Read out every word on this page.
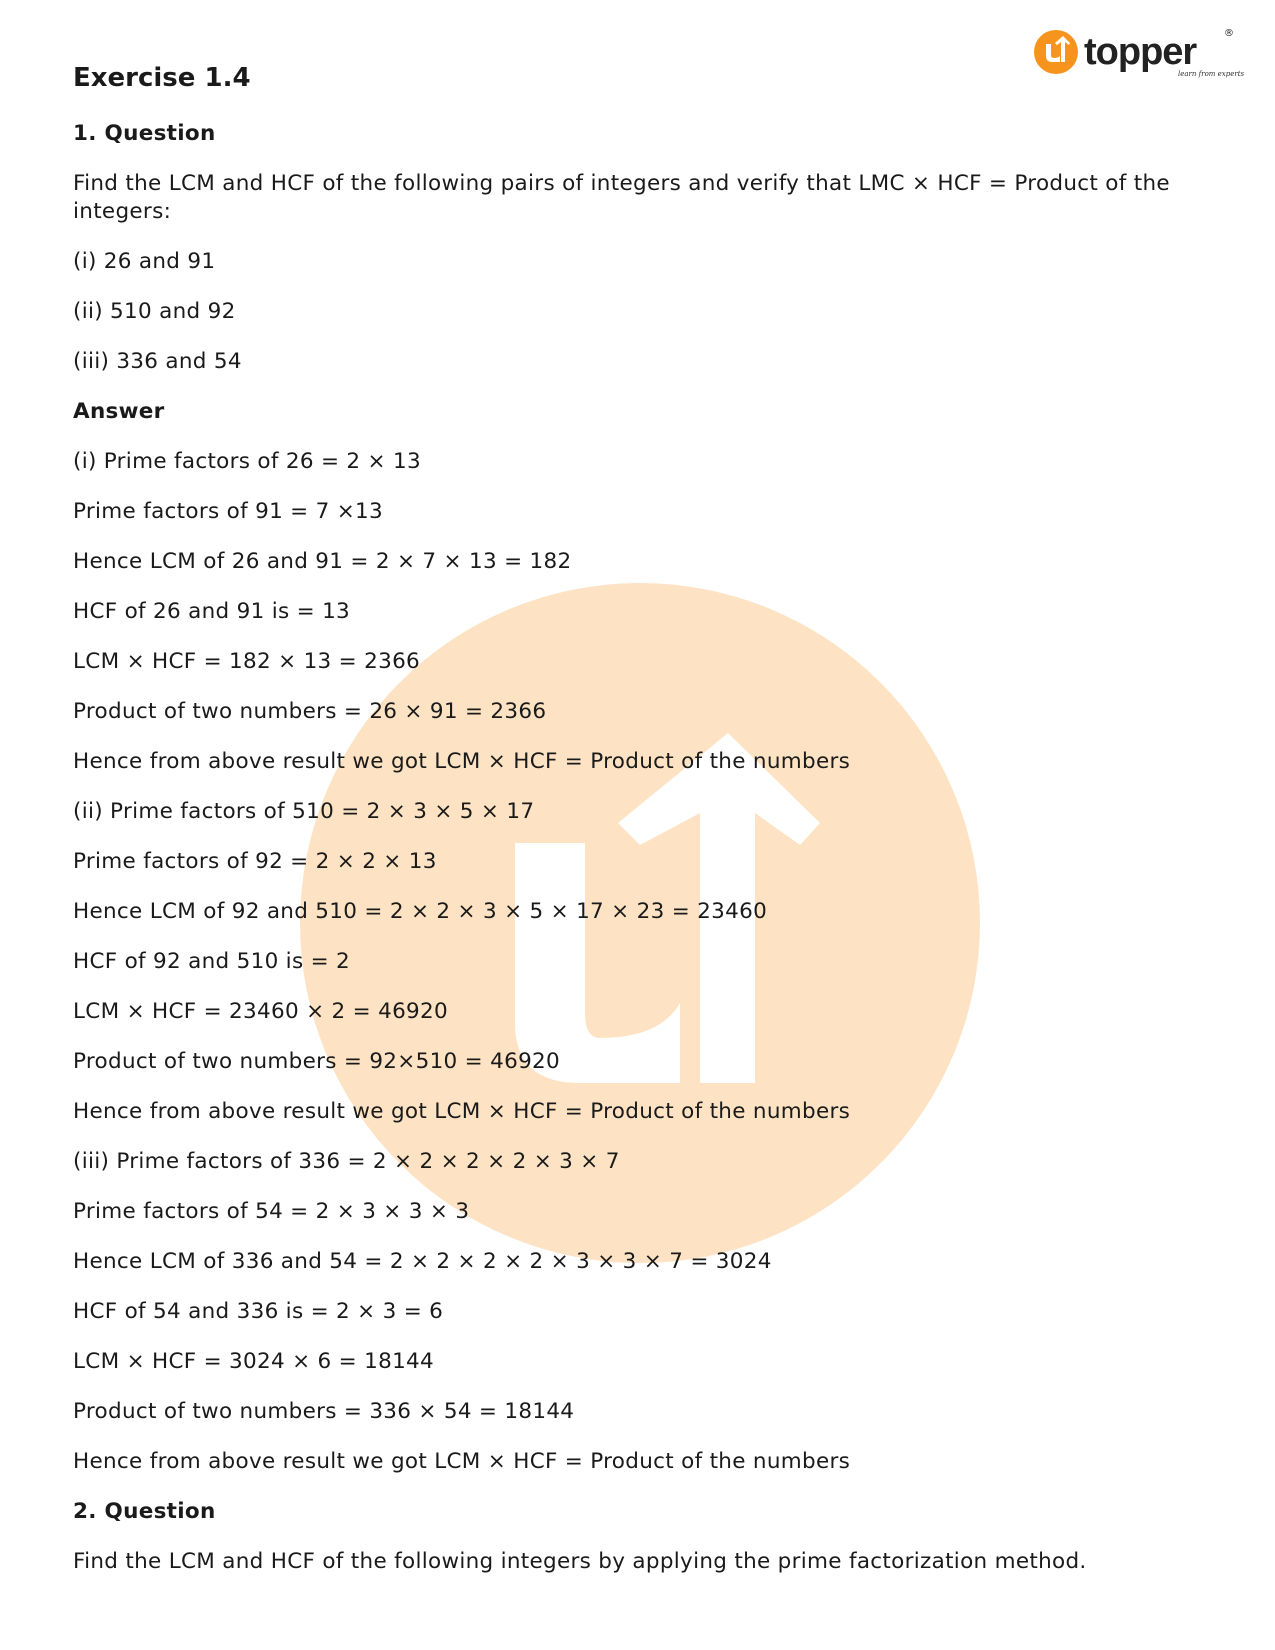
topper	®
learn from experts
Exercise 1.4

1. Question

Find the LCM and HCF of the following pairs of integers and verify that LMC × HCF = Product of the integers:

(i) 26 and 91

(ii) 510 and 92

(iii) 336 and 54

Answer

(i) Prime factors of 26 = 2 × 13

Prime factors of 91 = 7 ×13

Hence LCM of 26 and 91 = 2 × 7 × 13 = 182

HCF of 26 and 91 is = 13

LCM × HCF = 182 × 13 = 2366

Product of two numbers = 26 × 91 = 2366

Hence from above result we got LCM × HCF = Product of the numbers

(ii) Prime factors of 510 = 2 × 3 × 5 × 17

Prime factors of 92 = 2 × 2 × 13

Hence LCM of 92 and 510 = 2 × 2 × 3 × 5 × 17 × 23 = 23460

HCF of 92 and 510 is = 2

LCM × HCF = 23460 × 2 = 46920

Product of two numbers = 92×510 = 46920

Hence from above result we got LCM × HCF = Product of the numbers

(iii) Prime factors of 336 = 2 × 2 × 2 × 2 × 3 × 7

Prime factors of 54 = 2 × 3 × 3 × 3

Hence LCM of 336 and 54 = 2 × 2 × 2 × 2 × 3 × 3 × 7 = 3024

HCF of 54 and 336 is = 2 × 3 = 6

LCM × HCF = 3024 × 6 = 18144

Product of two numbers = 336 × 54 = 18144

Hence from above result we got LCM × HCF = Product of the numbers

2. Question

Find the LCM and HCF of the following integers by applying the prime factorization method.
